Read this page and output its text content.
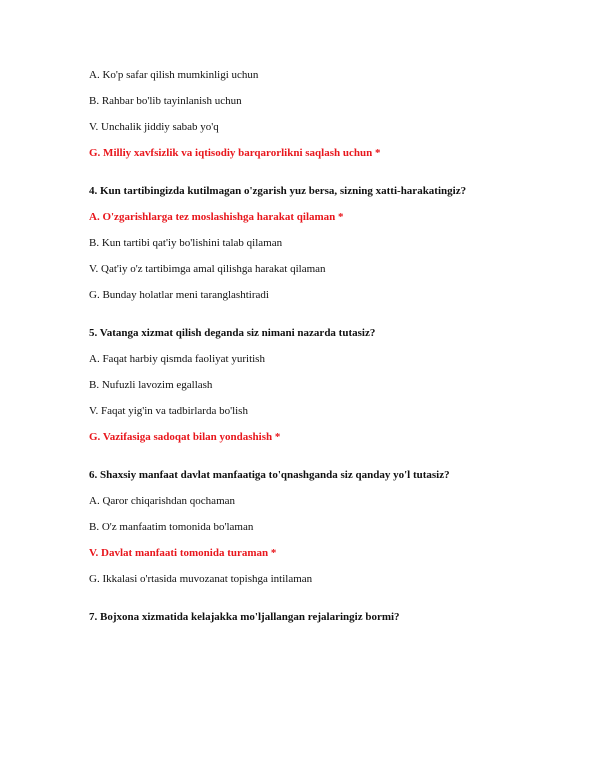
A. Ko'p safar qilish mumkinligi uchun
B. Rahbar bo'lib tayinlanish uchun
V. Unchalik jiddiy sabab yo'q
G. Milliy xavfsizlik va iqtisodiy barqarorlikni saqlash uchun *
4. Kun tartibingizda kutilmagan o'zgarish yuz bersa, sizning xatti-harakatingiz?
A. O'zgarishlarga tez moslashishga harakat qilaman *
B. Kun tartibi qat'iy bo'lishini talab qilaman
V. Qat'iy o'z tartibimga amal qilishga harakat qilaman
G. Bunday holatlar meni taranglashtiradi
5. Vatanga xizmat qilish deganda siz nimani nazarda tutasiz?
A. Faqat harbiy qismda faoliyat yuritish
B. Nufuzli lavozim egallash
V. Faqat yig'in va tadbirlarda bo'lish
G. Vazifasiga sadoqat bilan yondashish *
6. Shaxsiy manfaat davlat manfaatiga to'qnashganda siz qanday yo'l tutasiz?
A. Qaror chiqarishdan qochaman
B. O'z manfaatim tomonida bo'laman
V. Davlat manfaati tomonida turaman *
G. Ikkalasi o'rtasida muvozanat topishga intilaman
7. Bojxona xizmatida kelajakka mo'ljallangan rejalaringiz bormi?
